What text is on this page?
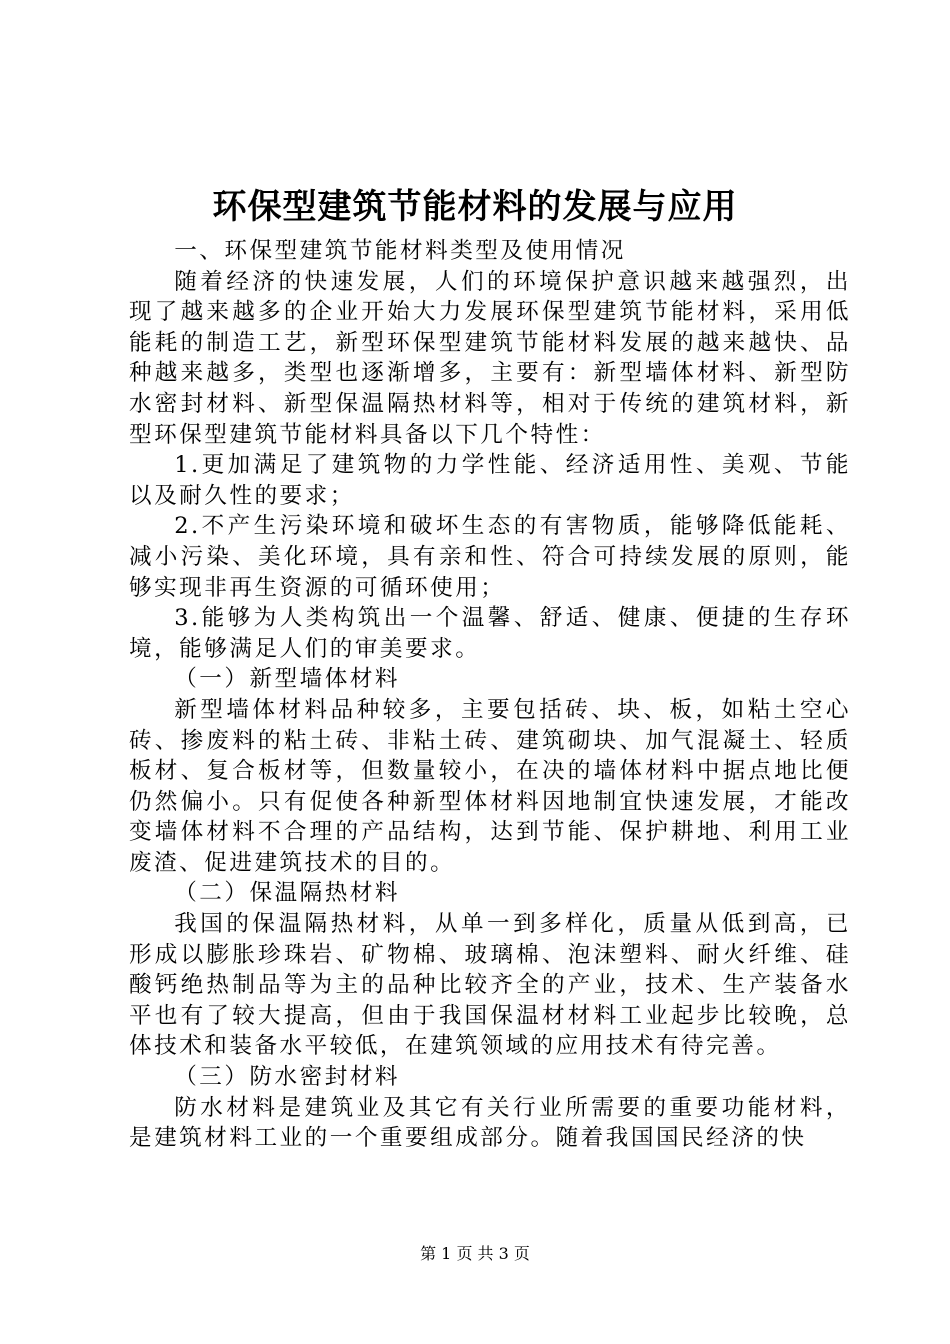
环保型建筑节能材料的发展与应用

一、环保型建筑节能材料类型及使用情况

随着经济的快速发展，人们的环境保护意识越来越强烈，出现了越来越多的企业开始大力发展环保型建筑节能材料，采用低能耗的制造工艺，新型环保型建筑节能材料发展的越来越快、品种越来越多，类型也逐渐增多，主要有：新型墙体材料、新型防水密封材料、新型保温隔热材料等，相对于传统的建筑材料，新型环保型建筑节能材料具备以下几个特性：

1.更加满足了建筑物的力学性能、经济适用性、美观、节能以及耐久性的要求；

2.不产生污染环境和破坏生态的有害物质，能够降低能耗、减小污染、美化环境，具有亲和性、符合可持续发展的原则，能够实现非再生资源的可循环使用；

3.能够为人类构筑出一个温馨、舒适、健康、便捷的生存环境，能够满足人们的审美要求。

（一）新型墙体材料

新型墙体材料品种较多，主要包括砖、块、板，如粘土空心砖、掺废料的粘土砖、非粘土砖、建筑砌块、加气混凝土、轻质板材、复合板材等，但数量较小，在决的墙体材料中据点地比便仍然偏小。只有促使各种新型体材料因地制宜快速发展，才能改变墙体材料不合理的产品结构，达到节能、保护耕地、利用工业废渣、促进建筑技术的目的。

（二）保温隔热材料

我国的保温隔热材料，从单一到多样化，质量从低到高，已形成以膨胀珍珠岩、矿物棉、玻璃棉、泡沫塑料、耐火纤维、硅酸钙绝热制品等为主的品种比较齐全的产业，技术、生产装备水平也有了较大提高，但由于我国保温材材料工业起步比较晚，总体技术和装备水平较低，在建筑领域的应用技术有待完善。

（三）防水密封材料

防水材料是建筑业及其它有关行业所需要的重要功能材料，是建筑材料工业的一个重要组成部分。随着我国国民经济的快

第 1 页 共 3 页
